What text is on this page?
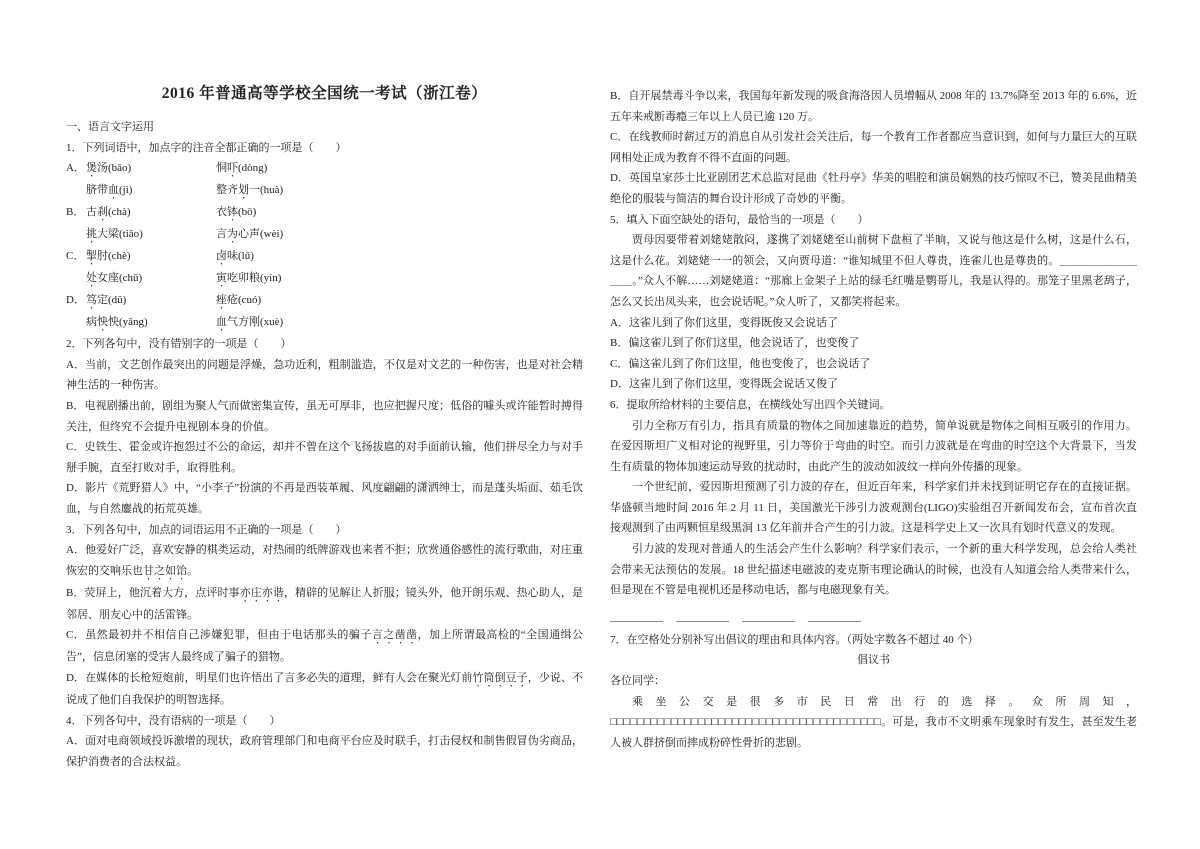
2016 年普通高等学校全国统一考试（浙江卷）

一、语言文字运用

1．下列词语中，加点字的注音全都正确的一项是（　　）

A． 煲汤(bāo)	恫吓(dòng)
脐带血(jì)	整齐划一(huà)
B． 古刹(chà)	衣钵(bō)
挑大梁(tiāo)	言为心声(wèi)
C． 掣肘(chè)	卤味(lǔ)
处女座(chǔ)	寅吃卯粮(yín)
D． 笃定(dǔ)	痤疮(cuó)
病怏怏(yāng)	血气方刚(xuè)

2．下列各句中，没有错别字的一项是（　　）

A．当前，文艺创作最突出的问题是浮燥，急功近利，粗制滥造，不仅是对文艺的一种伤害，也是对社会精神生活的一种伤害。

B．电视剧播出前，剧组为聚人气而做密集宣传，虽无可厚非，也应把握尺度；低俗的噱头或许能暂时搏得关注，但终究不会提升电视剧本身的价值。

C．史铁生、霍金或许抱怨过不公的命运，却并不曾在这个飞扬拔扈的对手面前认输，他们拼尽全力与对手掰手腕，直至打败对手，取得胜利。

D．影片《荒野猎人》中，“小李子”扮演的不再是西装革履、风度翩翩的潇洒绅士，而是蓬头垢面、茹毛饮血，与自然鏖战的拓荒英雄。

3．下列各句中，加点的词语运用不正确的一项是（　　）

A．他爱好广泛，喜欢安静的棋类运动，对热闹的纸牌游戏也来者不拒；欣赏通俗感性的流行歌曲，对庄重恢宏的交响乐也甘之如饴。

B．荧屏上，他沉着大方，点评时事亦庄亦谐，精辟的见解让人折服；镜头外，他开朗乐观、热心助人，是邻居、朋友心中的活雷锋。

C．虽然最初并不相信自己涉嫌犯罪，但由于电话那头的骗子言之凿凿，加上所谓最高检的“全国通缉公告”，信息闭塞的受害人最终成了骗子的猎物。

D．在媒体的长枪短炮前，明星们也许悟出了言多必失的道理，鲜有人会在聚光灯前竹筒倒豆子，少说、不说成了他们自我保护的明智选择。

4．下列各句中，没有语病的一项是（　　）

A．面对电商领域投诉激增的现状，政府管理部门和电商平台应及时联手，打击侵权和制售假冒伪劣商品，保护消费者的合法权益。

B．自开展禁毒斗争以来，我国每年新发现的吸食海洛因人员增幅从 2008 年的 13.7%降至 2013 年的 6.6%，近五年来戒断毒瘾三年以上人员已逾 120 万。

C．在线教师时薪过万的消息自从引发社会关注后，每一个教育工作者都应当意识到，如何与力量巨大的互联网相处正成为教育不得不直面的问题。

D．英国皇家莎士比亚剧团艺术总监对昆曲《牡丹亭》华美的唱腔和演员娴熟的技巧惊叹不已，赞美昆曲精美绝伦的服装与简洁的舞台设计形成了奇妙的平衡。

5．填入下面空缺处的语句，最恰当的一项是（　　）

贾母因要带着刘姥姥散闷，遂携了刘姥姥至山前树下盘桓了半晌，又说与他这是什么树，这是什么石，这是什么花。刘姥姥一一的领会，又向贾母道：“谁知城里不但人尊贵，连雀儿也是尊贵的。＿＿＿＿＿＿＿＿＿。”众人不解……刘姥姥道：“那廊上金架子上站的绿毛红嘴是鹦哥儿，我是认得的。那笼子里黑老鸹子，怎么又长出凤头来，也会说话呢。”众人听了，又都笑将起来。

A．这雀儿到了你们这里，变得既俊又会说话了

B．偏这雀儿到了你们这里，他会说话了，也变俊了

C．偏这雀儿到了你们这里，他也变俊了，也会说话了

D．这雀儿到了你们这里，变得既会说话又俊了

6．提取所给材料的主要信息，在横线处写出四个关键词。

引力全称万有引力，指具有质量的物体之间加速靠近的趋势，简单说就是物体之间相互吸引的作用力。在爱因斯坦广义相对论的视野里，引力等价于弯曲的时空。而引力波就是在弯曲的时空这个大背景下，当发生有质量的物体加速运动导致的扰动时，由此产生的波动如波纹一样向外传播的现象。

一个世纪前，爱因斯坦预测了引力波的存在，但近百年来，科学家们并未找到证明它存在的直接证据。华盛顿当地时间 2016 年 2 月 11 日，美国激光干涉引力波观测台(LIGO)实验组召开新闻发布会，宣布首次直接观测到了由两颗恒星级黑洞 13 亿年前并合产生的引力波。这是科学史上又一次具有划时代意义的发现。

引力波的发现对普通人的生活会产生什么影响？科学家们表示，一个新的重大科学发现，总会给人类社会带来无法预估的发展。18 世纪描述电磁波的麦克斯韦理论确认的时候，也没有人知道会给人类带来什么，但是现在不管是电视机还是移动电话，都与电磁现象有关。

7．在空格处分别补写出倡议的理由和具体内容。（两处字数各不超过 40 个）

倡议书

各位同学：

乘坐公交是很多市民日常出行的选择。众所周知，□□□□□□□□□□□□□□□□□□□□□□□□□□□□□□□□□□□□□□□□。可是，我市不文明乘车现象时有发生，甚至发生老人被人群挤倒而摔成粉碎性骨折的悲剧。
